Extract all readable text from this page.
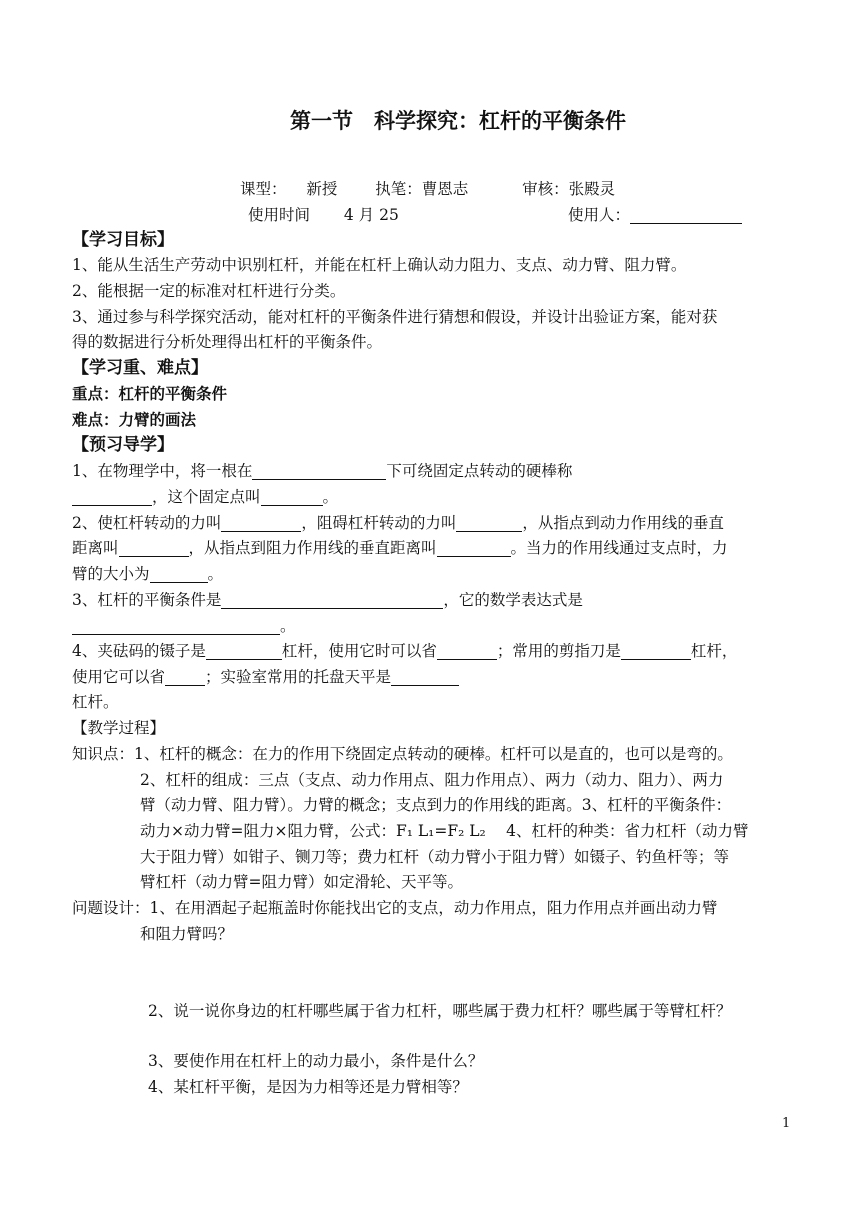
第一节　科学探究：杠杆的平衡条件
课型： 新授 执笔：曹恩志	审核：张殿灵
使用时间 4 月 25	使用人：
【学习目标】
1、能从生活生产劳动中识别杠杆，并能在杠杆上确认动力阻力、支点、动力臂、阻力臂。
2、能根据一定的标准对杠杆进行分类。
3、通过参与科学探究活动，能对杠杆的平衡条件进行猜想和假设，并设计出验证方案，能对获
得的数据进行分析处理得出杠杆的平衡条件。
【学习重、难点】
重点：杠杆的平衡条件
难点：力臂的画法
【预习导学】
1、在物理学中，将一根在	下可绕固定点转动的硬棒称
，这个固定点叫	。
2、使杠杆转动的力叫	，阻碍杠杆转动的力叫	，从指点到动力作用线的垂直
距离叫	，从指点到阻力作用线的垂直距离叫	。当力的作用线通过支点时，力
臂的大小为	。
3、杠杆的平衡条件是	，它的数学表达式是
。
4、夹砝码的镊子是	杠杆，使用它时可以省	；常用的剪指刀是	杠杆，
使用它可以省	；实验室常用的托盘天平是
杠杆。
【教学过程】
知识点：1、杠杆的概念：在力的作用下绕固定点转动的硬棒。杠杆可以是直的，也可以是弯的。
2、杠杆的组成：三点（支点、动力作用点、阻力作用点）、两力（动力、阻力）、两力
臂（动力臂、阻力臂）。力臂的概念；支点到力的作用线的距离。3、杠杆的平衡条件：
动力×动力臂=阻力×阻力臂，公式：F₁ L₁=F₂ L₂　 4、杠杆的种类：省力杠杆（动力臂
大于阻力臂）如钳子、铡刀等；费力杠杆（动力臂小于阻力臂）如镊子、钓鱼杆等；等
臂杠杆（动力臂=阻力臂）如定滑轮、天平等。
问题设计：1、在用酒起子起瓶盖时你能找出它的支点，动力作用点，阻力作用点并画出动力臂
和阻力臂吗？
2、说一说你身边的杠杆哪些属于省力杠杆，哪些属于费力杠杆？哪些属于等臂杠杆？
3、要使作用在杠杆上的动力最小，条件是什么？
4、某杠杆平衡，是因为力相等还是力臂相等？
1
